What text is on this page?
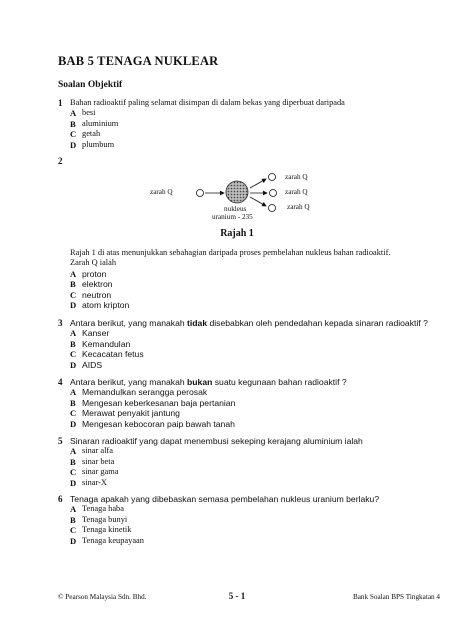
BAB 5 TENAGA NUKLEAR
Soalan Objektif
1 Bahan radioaktif paling selamat disimpan di dalam bekas yang diperbuat daripada
A besi
B aluminium
C getah
D plumbum
2
zarah Q
nukleus
uranium - 235
zarah Q
zarah Q
zarah Q
Rajah 1
Rajah 1 di atas menunjukkan sebahagian daripada proses pembelahan nukleus bahan radioaktif.
Zarah Q ialah
A proton
B elektron
C neutron
D atom kripton
3 Antara berikut, yang manakah tidak disebabkan oleh pendedahan kepada sinaran radioaktif ?
A Kanser
B Kemandulan
C Kecacatan fetus
D AIDS
4 Antara berikut, yang manakah bukan suatu kegunaan bahan radioaktif ?
A Memandulkan serangga perosak
B Mengesan keberkesanan baja pertanian
C Merawat penyakit jantung
D Mengesan kebocoran paip bawah tanah
5 Sinaran radioaktif yang dapat menembusi sekeping kerajang aluminium ialah
A sinar alfa
B sinar beta
C sinar gama
D sinar-X
6 Tenaga apakah yang dibebaskan semasa pembelahan nukleus uranium berlaku?
A Tenaga haba
B Tenaga bunyi
C Tenaga kinetik
D Tenaga keupayaan
© Pearson Malaysia Sdn. Bhd.	5 - 1	Bank Soalan BPS Tingkatan 4
